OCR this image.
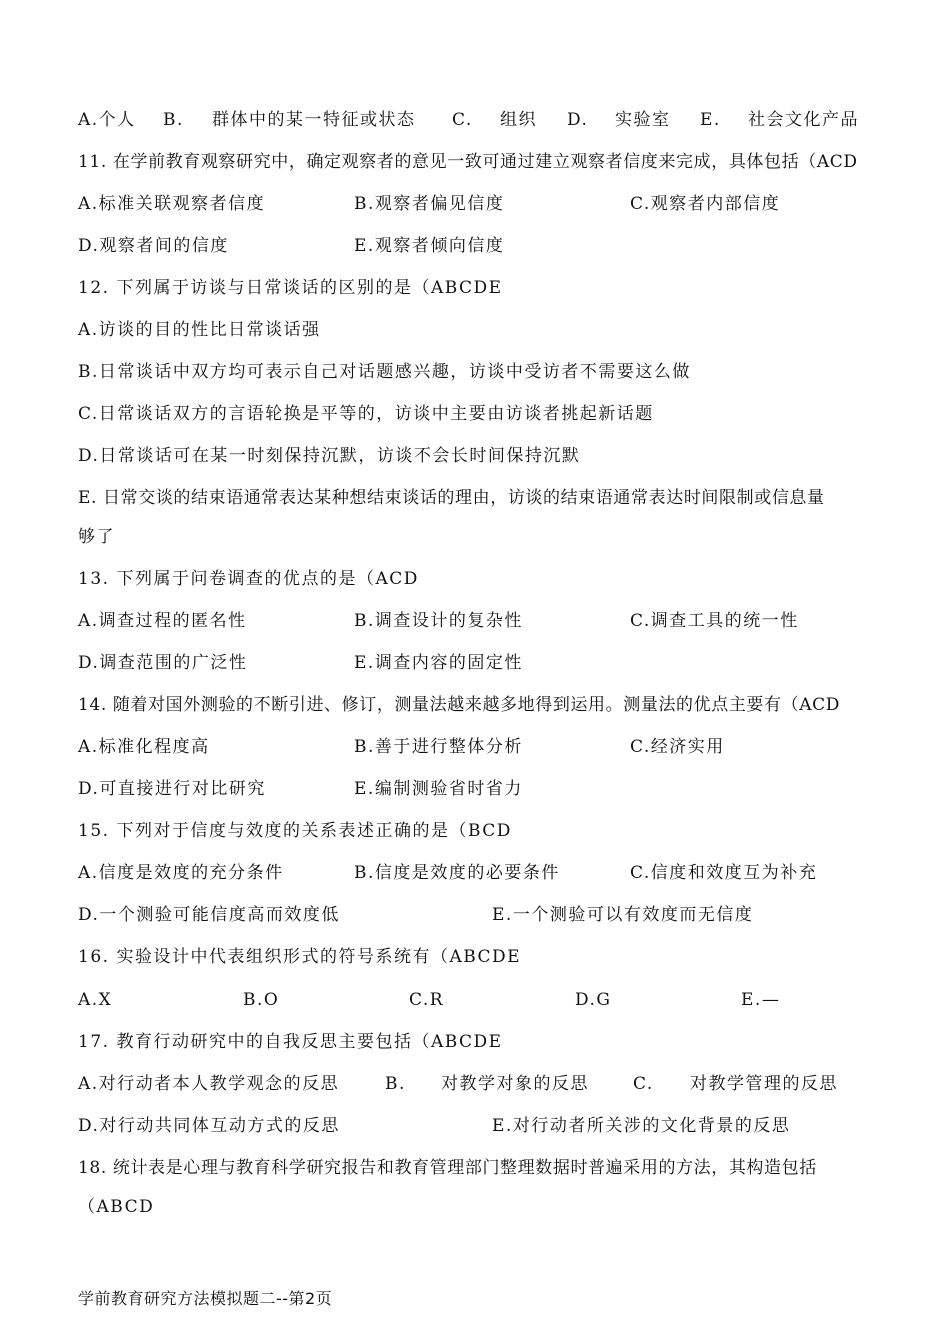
A.个人 B. 群体中的某一特征或状态 C. 组织 D. 实验室 E. 社会文化产品
11. 在学前教育观察研究中，确定观察者的意见一致可通过建立观察者信度来完成，具体包括（ACD
A.标准关联观察者信度	B.观察者偏见信度	C.观察者内部信度
D.观察者间的信度	E.观察者倾向信度
12. 下列属于访谈与日常谈话的区别的是（ABCDE
A.访谈的目的性比日常谈话强
B.日常谈话中双方均可表示自己对话题感兴趣，访谈中受访者不需要这么做
C.日常谈话双方的言语轮换是平等的，访谈中主要由访谈者挑起新话题
D.日常谈话可在某一时刻保持沉默，访谈不会长时间保持沉默
E. 日常交谈的结束语通常表达某种想结束谈话的理由，访谈的结束语通常表达时间限制或信息量
够了
13. 下列属于问卷调查的优点的是（ACD
A.调查过程的匿名性	B.调查设计的复杂性	C.调查工具的统一性
D.调查范围的广泛性	E.调查内容的固定性
14. 随着对国外测验的不断引进、修订，测量法越来越多地得到运用。测量法的优点主要有（ACD
A.标准化程度高	B.善于进行整体分析	C.经济实用
D.可直接进行对比研究	E.编制测验省时省力
15. 下列对于信度与效度的关系表述正确的是（BCD
A.信度是效度的充分条件	B.信度是效度的必要条件	C.信度和效度互为补充
D.一个测验可能信度高而效度低	E.一个测验可以有效度而无信度
16. 实验设计中代表组织形式的符号系统有（ABCDE
A.X	B.O	C.R	D.G	E.—
17. 教育行动研究中的自我反思主要包括（ABCDE
A.对行动者本人教学观念的反思	B. 对教学对象的反思	C. 对教学管理的反思
D.对行动共同体互动方式的反思	E.对行动者所关涉的文化背景的反思
18. 统计表是心理与教育科学研究报告和教育管理部门整理数据时普遍采用的方法，其构造包括
（ABCD
学前教育研究方法模拟题二--第2页
